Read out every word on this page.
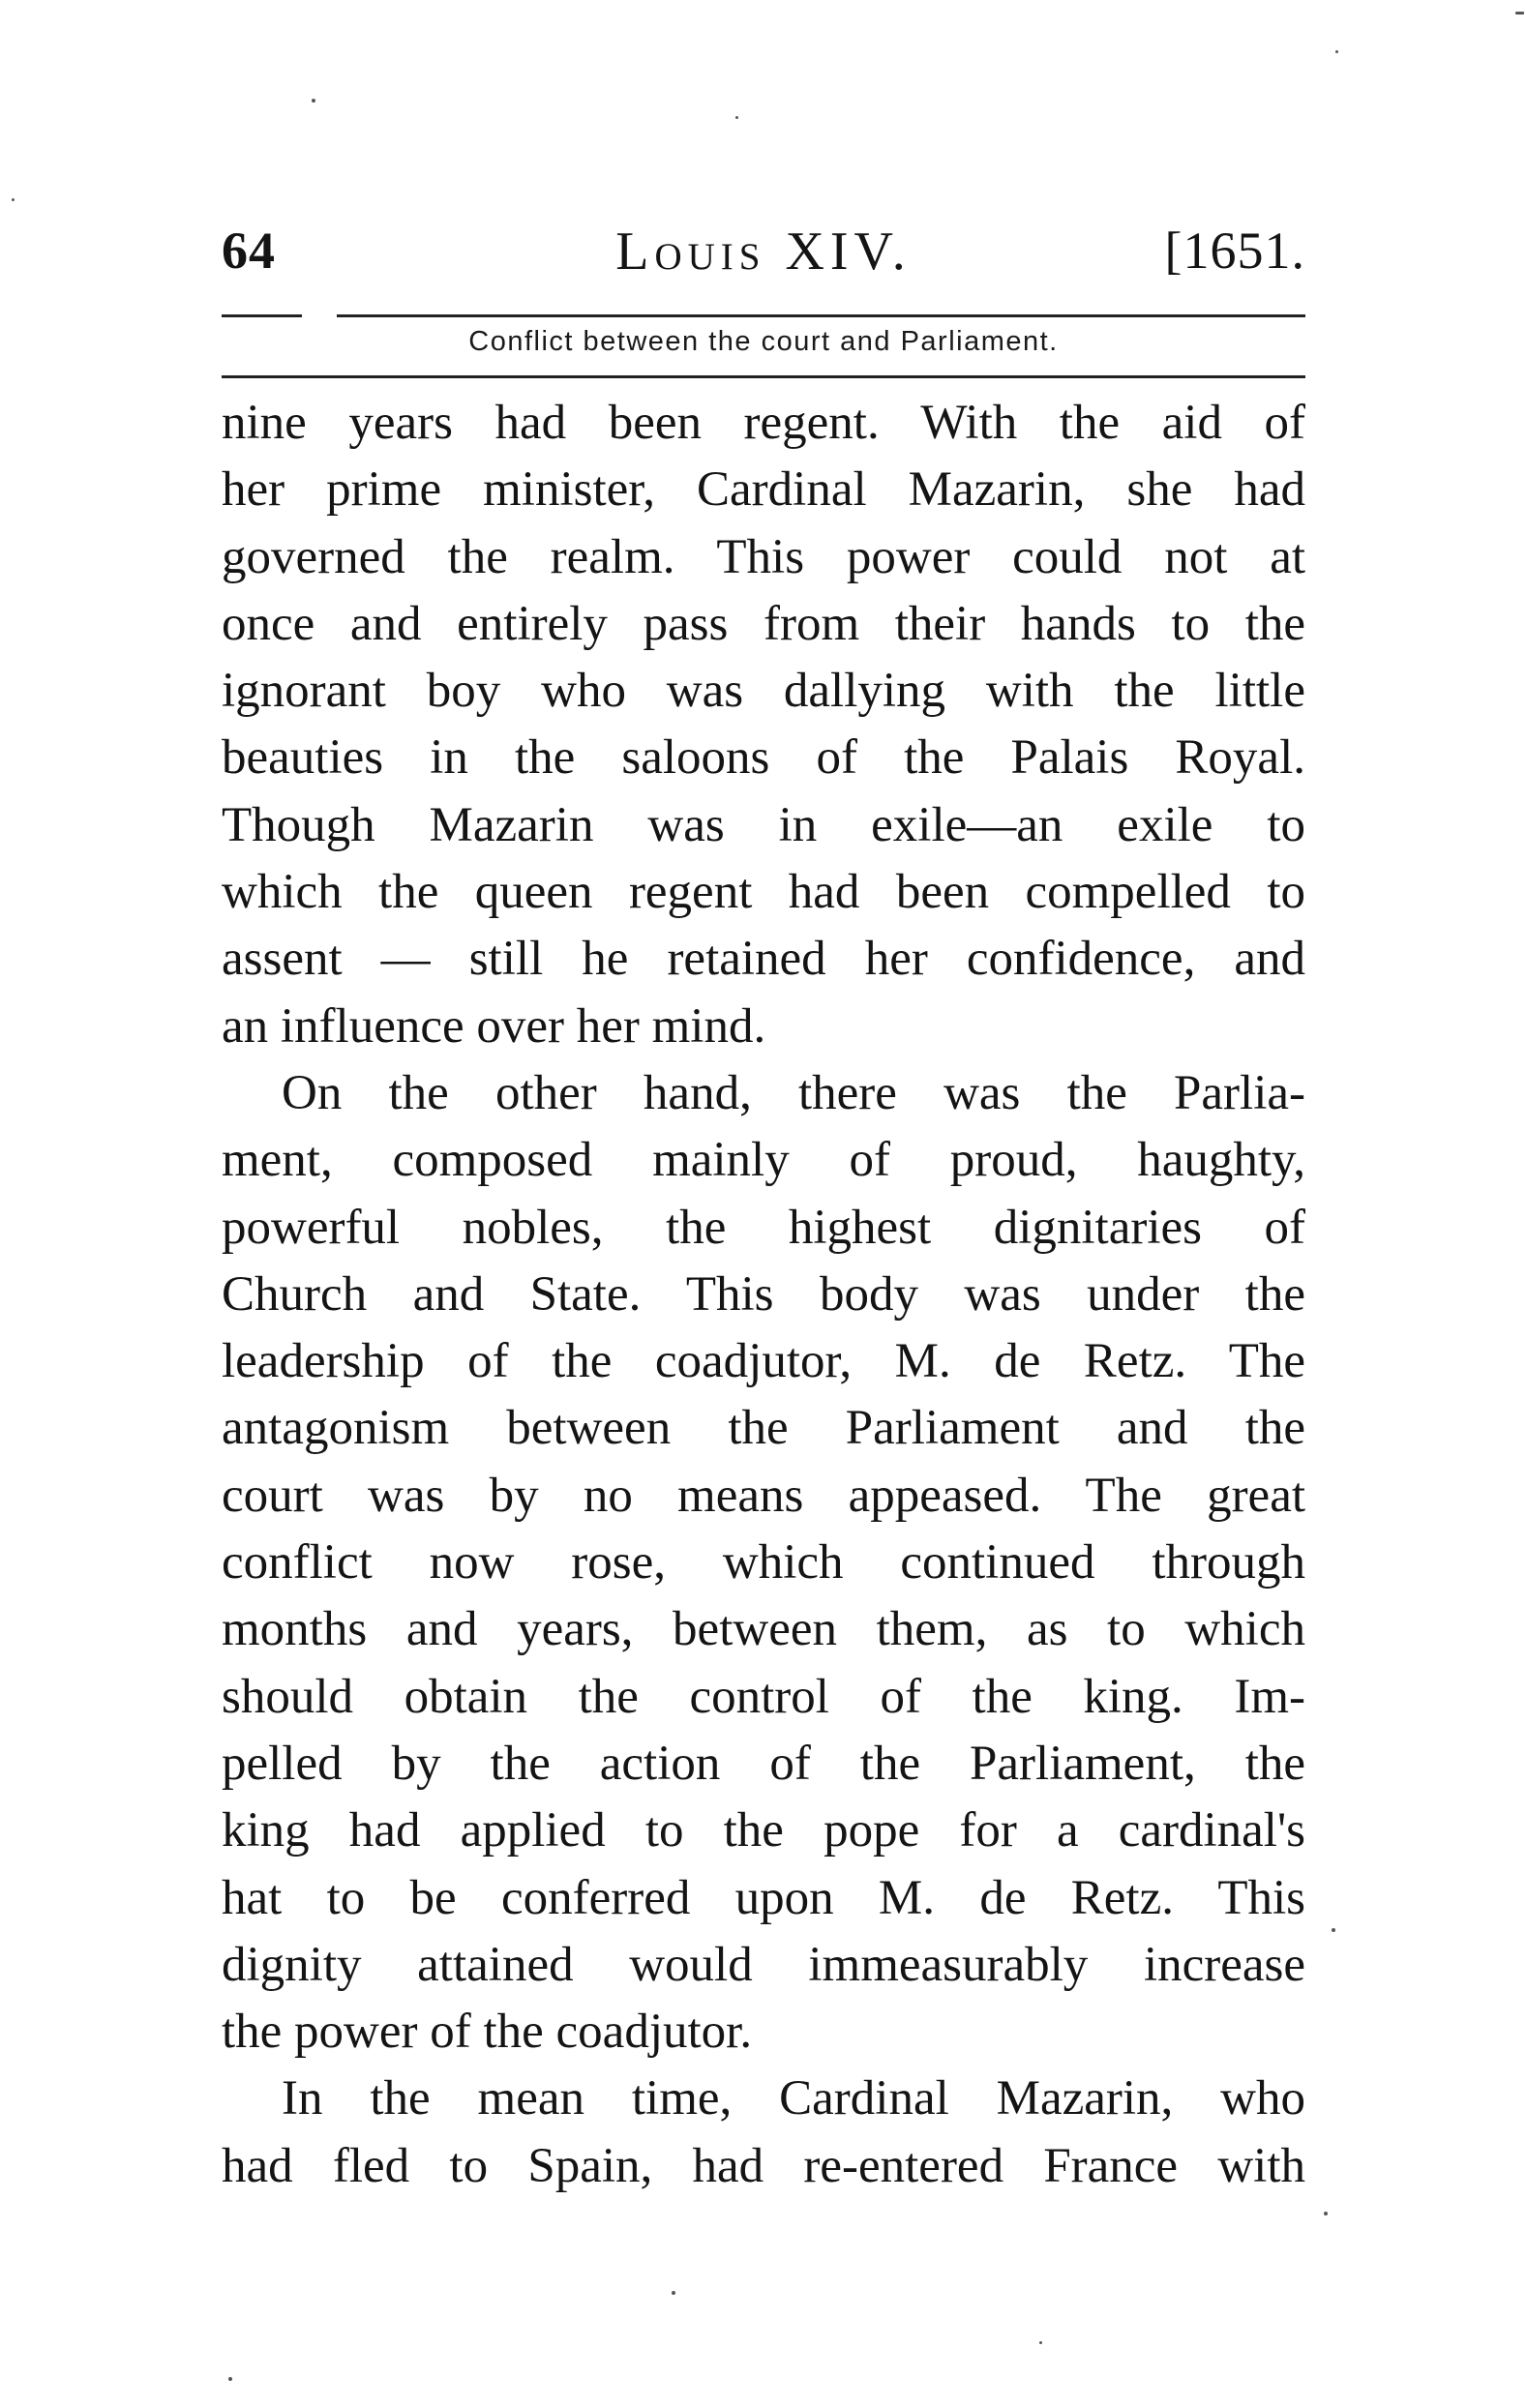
64	Louis XIV.	[1651.
Conflict between the court and Parliament.
nine years had been regent. With the aid of
her prime minister, Cardinal Mazarin, she had
governed the realm. This power could not at
once and entirely pass from their hands to the
ignorant boy who was dallying with the little
beauties in the saloons of the Palais Royal.
Though Mazarin was in exile—an exile to
which the queen regent had been compelled to
assent — still he retained her confidence, and
an influence over her mind.
On the other hand, there was the Parlia-
ment, composed mainly of proud, haughty,
powerful nobles, the highest dignitaries of
Church and State. This body was under the
leadership of the coadjutor, M. de Retz. The
antagonism between the Parliament and the
court was by no means appeased. The great
conflict now rose, which continued through
months and years, between them, as to which
should obtain the control of the king. Im-
pelled by the action of the Parliament, the
king had applied to the pope for a cardinal's
hat to be conferred upon M. de Retz. This
dignity attained would immeasurably increase
the power of the coadjutor.
In the mean time, Cardinal Mazarin, who
had fled to Spain, had re-entered France with
